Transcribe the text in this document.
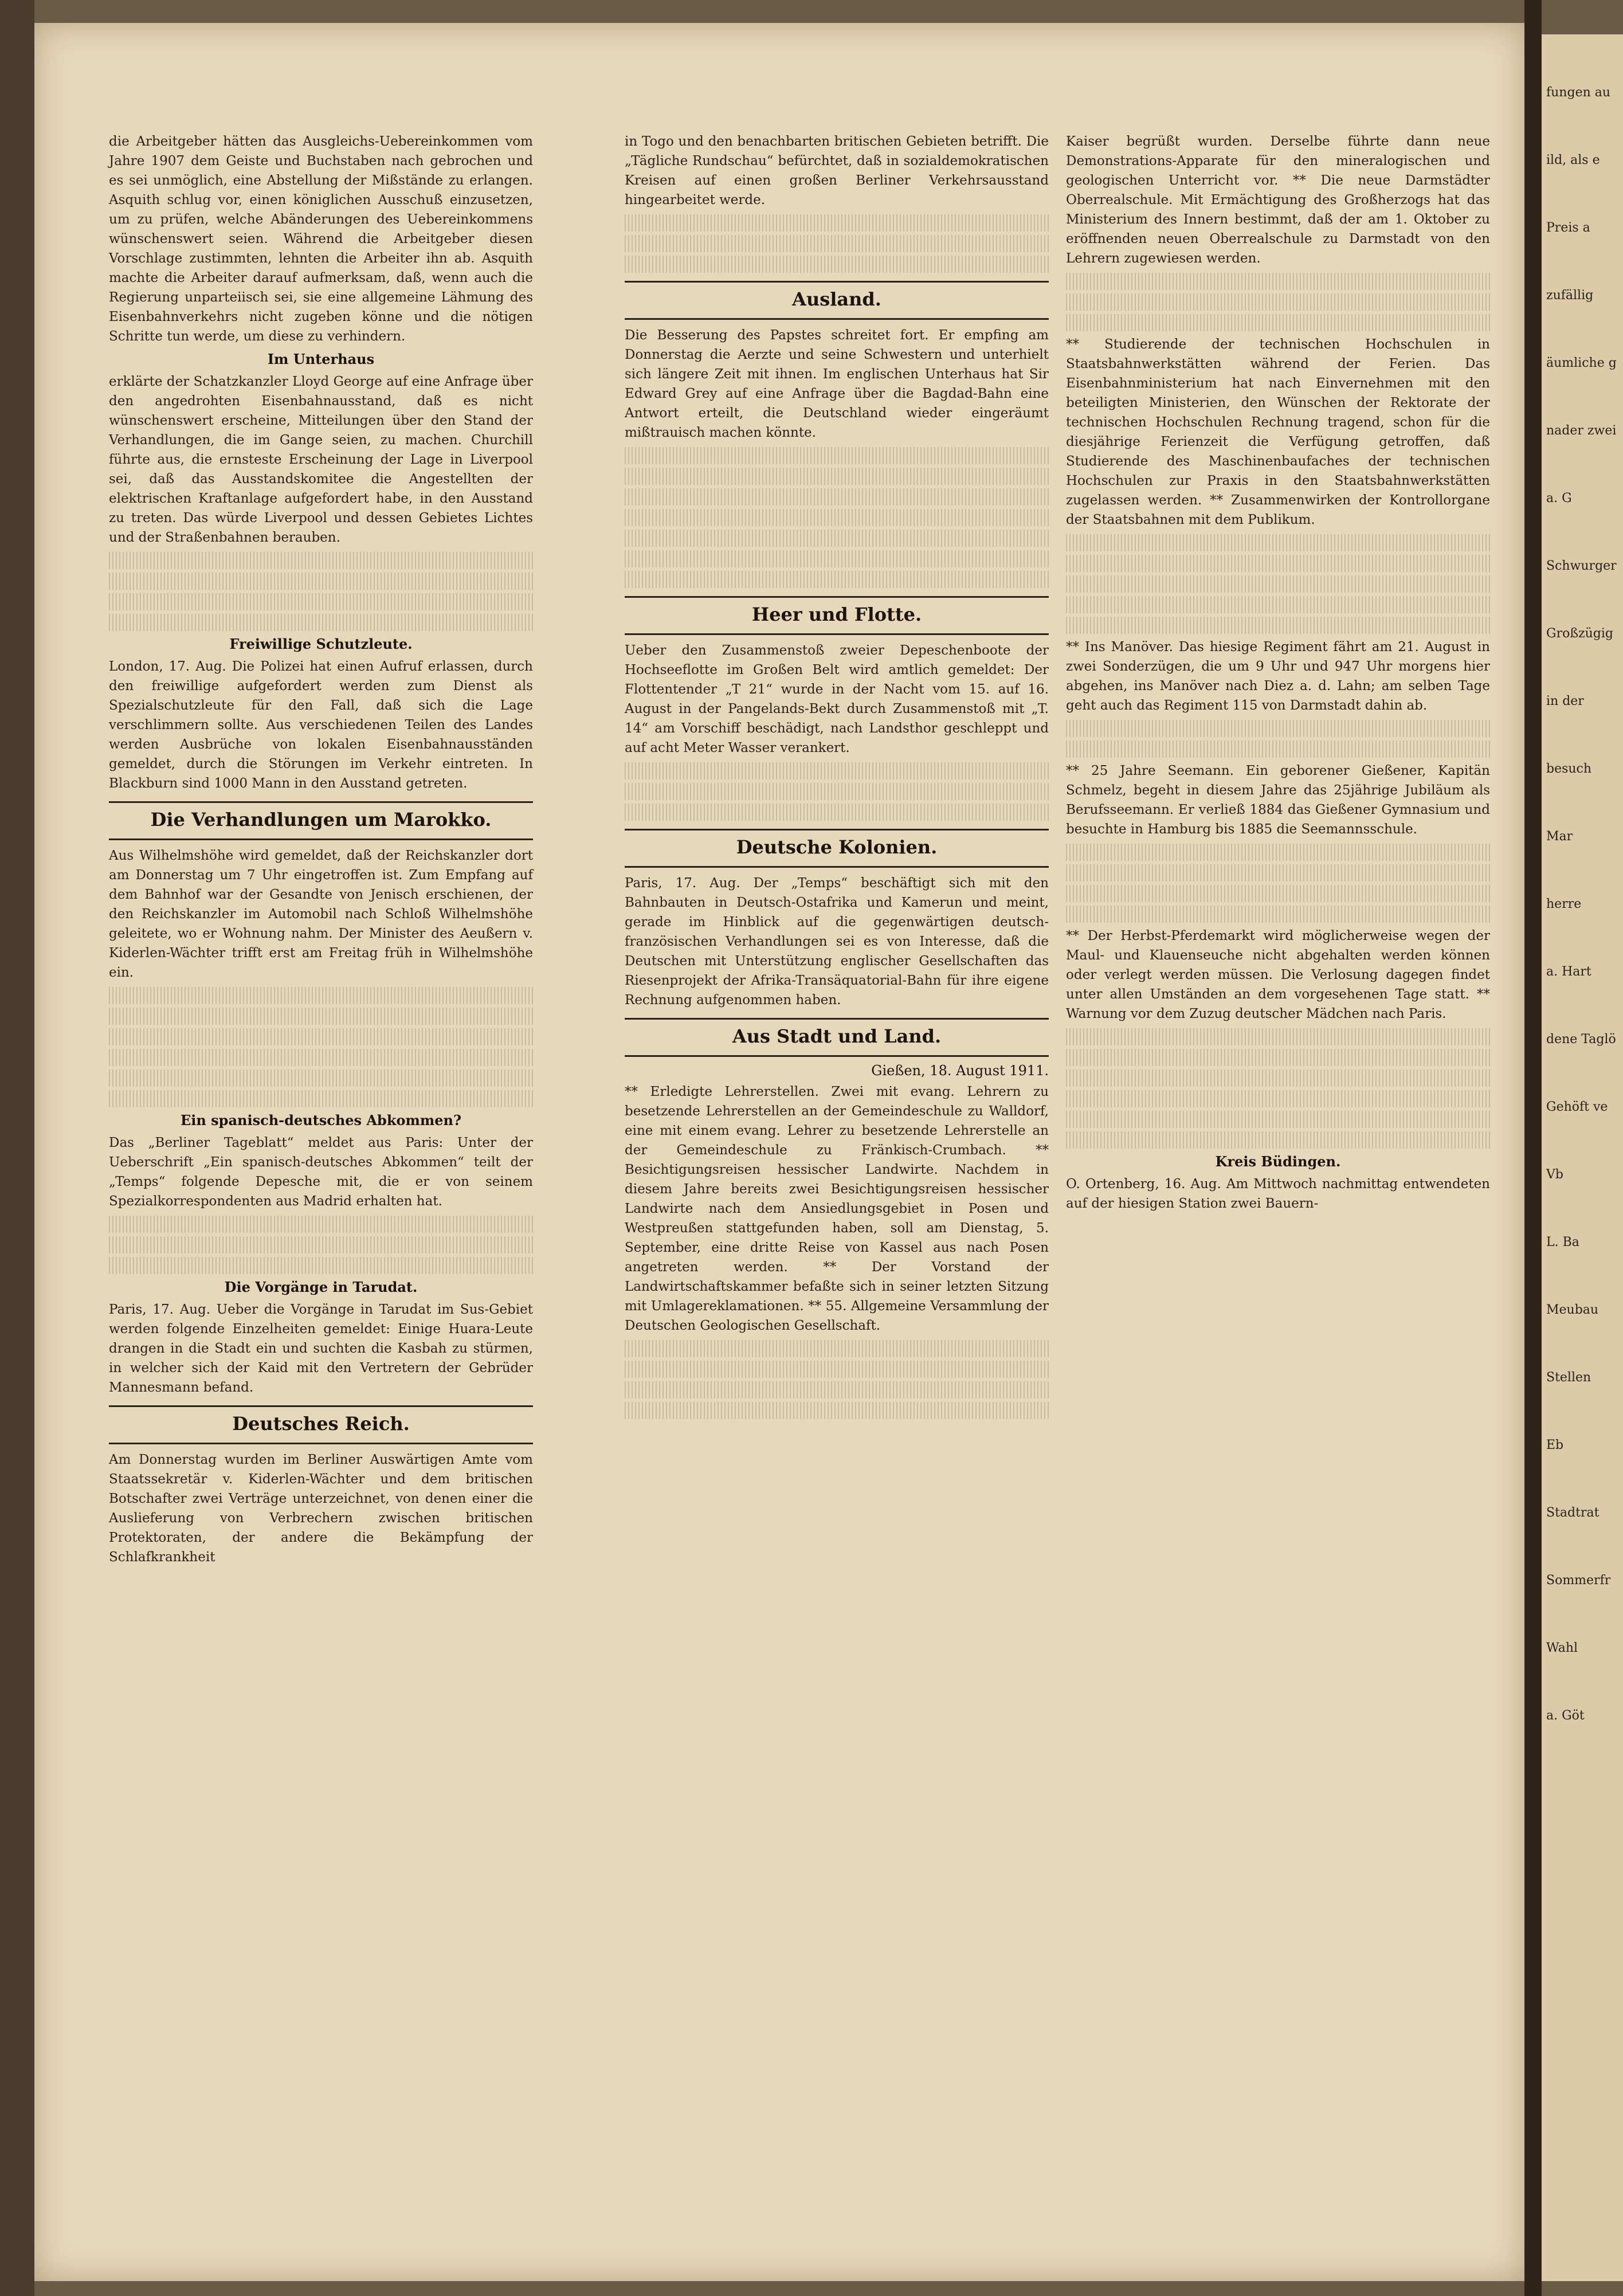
die Arbeitgeber hätten das Ausgleichs-Uebereinkommen vom Jahre 1907 dem Geiste und Buchstaben nach gebrochen und es sei unmöglich, eine Abstellung der Mißstände zu erlangen. Asquith schlug vor, einen königlichen Ausschuß einzusetzen, um zu prüfen, welche Abänderungen des Uebereinkommens wünschenswert seien. Während die Arbeitgeber diesen Vorschlage zustimmten, lehnten die Arbeiter ihn ab. Asquith machte die Arbeiter darauf aufmerksam, daß, wenn auch die Regierung unparteiisch sei, sie eine allgemeine Lähmung des Eisenbahnverkehrs nicht zugeben könne und die nötigen Schritte tun werde, um diese zu verhindern.

Im Unterhaus

erklärte der Schatzkanzler Lloyd George auf eine Anfrage über den angedrohten Eisenbahnausstand, daß es nicht wünschenswert erscheine, Mitteilungen über den Stand der Verhandlungen, die im Gange seien, zu machen. Churchill führte aus, die ernsteste Erscheinung der Lage in Liverpool sei, daß das Ausstandskomitee die Angestellten der elektrischen Kraftanlage aufgefordert habe, in den Ausstand zu treten. Das würde Liverpool und dessen Gebietes Lichtes und der Straßenbahnen berauben.

Freiwillige Schutzleute.

London, 17. Aug. Die Polizei hat einen Aufruf erlassen, durch den freiwillige aufgefordert werden zum Dienst als Spezialschutzleute für den Fall, daß sich die Lage verschlimmern sollte. Aus verschiedenen Teilen des Landes werden Ausbrüche von lokalen Eisenbahnausständen gemeldet, durch die Störungen im Verkehr eintreten. In Blackburn sind 1000 Mann in den Ausstand getreten.

Die Verhandlungen um Marokko.

Aus Wilhelmshöhe wird gemeldet, daß der Reichskanzler dort am Donnerstag um 7 Uhr eingetroffen ist. Zum Empfang auf dem Bahnhof war der Gesandte von Jenisch erschienen, der den Reichskanzler im Automobil nach Schloß Wilhelmshöhe geleitete, wo er Wohnung nahm. Der Minister des Aeußern v. Kiderlen-Wächter trifft erst am Freitag früh in Wilhelmshöhe ein.

Ein spanisch-deutsches Abkommen?

Das „Berliner Tageblatt“ meldet aus Paris: Unter der Ueberschrift „Ein spanisch-deutsches Abkommen“ teilt der „Temps“ folgende Depesche mit, die er von seinem Spezialkorrespondenten aus Madrid erhalten hat.

Die Vorgänge in Tarudat.

Paris, 17. Aug. Ueber die Vorgänge in Tarudat im Sus-Gebiet werden folgende Einzelheiten gemeldet: Einige Huara-Leute drangen in die Stadt ein und suchten die Kasbah zu stürmen, in welcher sich der Kaid mit den Vertretern der Gebrüder Mannesmann befand.

Deutsches Reich.

Am Donnerstag wurden im Berliner Auswärtigen Amte vom Staatssekretär v. Kiderlen-Wächter und dem britischen Botschafter zwei Verträge unterzeichnet, von denen einer die Auslieferung von Verbrechern zwischen britischen Protektoraten, der andere die Bekämpfung der Schlafkrankheit

in Togo und den benachbarten britischen Gebieten betrifft. Die „Tägliche Rundschau“ befürchtet, daß in sozialdemokratischen Kreisen auf einen großen Berliner Verkehrsausstand hingearbeitet werde.

Ausland.

Die Besserung des Papstes schreitet fort. Er empfing am Donnerstag die Aerzte und seine Schwestern und unterhielt sich längere Zeit mit ihnen. Im englischen Unterhaus hat Sir Edward Grey auf eine Anfrage über die Bagdad-Bahn eine Antwort erteilt, die Deutschland wieder eingeräumt mißtrauisch machen könnte.

Heer und Flotte.

Ueber den Zusammenstoß zweier Depeschenboote der Hochseeflotte im Großen Belt wird amtlich gemeldet: Der Flottentender „T 21“ wurde in der Nacht vom 15. auf 16. August in der Pangelands-Bekt durch Zusammenstoß mit „T. 14“ am Vorschiff beschädigt, nach Landsthor geschleppt und auf acht Meter Wasser verankert.

Deutsche Kolonien.

Paris, 17. Aug. Der „Temps“ beschäftigt sich mit den Bahnbauten in Deutsch-Ostafrika und Kamerun und meint, gerade im Hinblick auf die gegenwärtigen deutsch-französischen Verhandlungen sei es von Interesse, daß die Deutschen mit Unterstützung englischer Gesellschaften das Riesenprojekt der Afrika-Transäquatorial-Bahn für ihre eigene Rechnung aufgenommen haben.

Aus Stadt und Land.
Gießen, 18. August 1911.

** Erledigte Lehrerstellen. Zwei mit evang. Lehrern zu besetzende Lehrerstellen an der Gemeindeschule zu Walldorf, eine mit einem evang. Lehrer zu besetzende Lehrerstelle an der Gemeindeschule zu Fränkisch-Crumbach. ** Besichtigungsreisen hessischer Landwirte. Nachdem in diesem Jahre bereits zwei Besichtigungsreisen hessischer Landwirte nach dem Ansiedlungsgebiet in Posen und Westpreußen stattgefunden haben, soll am Dienstag, 5. September, eine dritte Reise von Kassel aus nach Posen angetreten werden. ** Der Vorstand der Landwirtschaftskammer befaßte sich in seiner letzten Sitzung mit Umlagereklamationen. ** 55. Allgemeine Versammlung der Deutschen Geologischen Gesellschaft.

Kaiser begrüßt wurden. Derselbe führte dann neue Demonstrations-Apparate für den mineralogischen und geologischen Unterricht vor. ** Die neue Darmstädter Oberrealschule. Mit Ermächtigung des Großherzogs hat das Ministerium des Innern bestimmt, daß der am 1. Oktober zu eröffnenden neuen Oberrealschule zu Darmstadt von den Lehrern zugewiesen werden.

** Studierende der technischen Hochschulen in Staatsbahnwerkstätten während der Ferien. Das Eisenbahnministerium hat nach Einvernehmen mit den beteiligten Ministerien, den Wünschen der Rektorate der technischen Hochschulen Rechnung tragend, schon für die diesjährige Ferienzeit die Verfügung getroffen, daß Studierende des Maschinenbaufaches der technischen Hochschulen zur Praxis in den Staatsbahnwerkstätten zugelassen werden. ** Zusammenwirken der Kontrollorgane der Staatsbahnen mit dem Publikum.

** Ins Manöver. Das hiesige Regiment fährt am 21. August in zwei Sonderzügen, die um 9 Uhr und 947 Uhr morgens hier abgehen, ins Manöver nach Diez a. d. Lahn; am selben Tage geht auch das Regiment 115 von Darmstadt dahin ab.

** 25 Jahre Seemann. Ein geborener Gießener, Kapitän Schmelz, begeht in diesem Jahre das 25jährige Jubiläum als Berufsseemann. Er verließ 1884 das Gießener Gymnasium und besuchte in Hamburg bis 1885 die Seemannsschule.

** Der Herbst-Pferdemarkt wird möglicherweise wegen der Maul- und Klauenseuche nicht abgehalten werden können oder verlegt werden müssen. Die Verlosung dagegen findet unter allen Umständen an dem vorgesehenen Tage statt. ** Warnung vor dem Zuzug deutscher Mädchen nach Paris.

Kreis Büdingen.

O. Ortenberg, 16. Aug. Am Mittwoch nachmittag entwendeten auf der hiesigen Station zwei Bauern-

fungen au
ild, als e
Preis a
zufällig
äumliche g
nader zwei
a. G
Schwurger
Großzügig
in der
besuch
Mar
herre
a. Hart
dene Taglö
Gehöft ve
Vb
L. Ba
Meubau
Stellen
Eb
Stadtrat
Sommerfr
Wahl
a. Göt
